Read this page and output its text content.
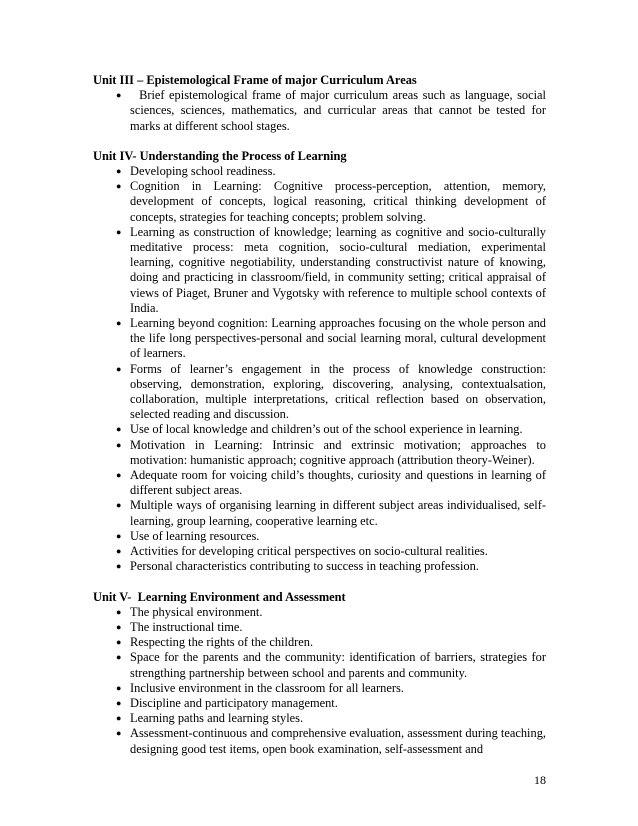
Unit III – Epistemological Frame of major Curriculum Areas

● Brief epistemological frame of major curriculum areas such as language, social sciences, sciences, mathematics, and curricular areas that cannot be tested for marks at different school stages.

Unit IV- Understanding the Process of Learning

● Developing school readiness.
● Cognition in Learning: Cognitive process-perception, attention, memory, development of concepts, logical reasoning, critical thinking development of concepts, strategies for teaching concepts; problem solving.
● Learning as construction of knowledge; learning as cognitive and socio-culturally meditative process: meta cognition, socio-cultural mediation, experimental learning, cognitive negotiability, understanding constructivist nature of knowing, doing and practicing in classroom/field, in community setting; critical appraisal of views of Piaget, Bruner and Vygotsky with reference to multiple school contexts of India.
● Learning beyond cognition: Learning approaches focusing on the whole person and the life long perspectives-personal and social learning moral, cultural development of learners.
● Forms of learner’s engagement in the process of knowledge construction: observing, demonstration, exploring, discovering, analysing, contextualsation, collaboration, multiple interpretations, critical reflection based on observation, selected reading and discussion.
● Use of local knowledge and children’s out of the school experience in learning.
● Motivation in Learning: Intrinsic and extrinsic motivation; approaches to motivation: humanistic approach; cognitive approach (attribution theory-Weiner).
● Adequate room for voicing child’s thoughts, curiosity and questions in learning of different subject areas.
● Multiple ways of organising learning in different subject areas individualised, self-learning, group learning, cooperative learning etc.
● Use of learning resources.
● Activities for developing critical perspectives on socio-cultural realities.
● Personal characteristics contributing to success in teaching profession.

Unit V-  Learning Environment and Assessment

● The physical environment.
● The instructional time.
● Respecting the rights of the children.
● Space for the parents and the community: identification of barriers, strategies for strengthing partnership between school and parents and community.
● Inclusive environment in the classroom for all learners.
● Discipline and participatory management.
● Learning paths and learning styles.
● Assessment-continuous and comprehensive evaluation, assessment during teaching, designing good test items, open book examination, self-assessment and
18
